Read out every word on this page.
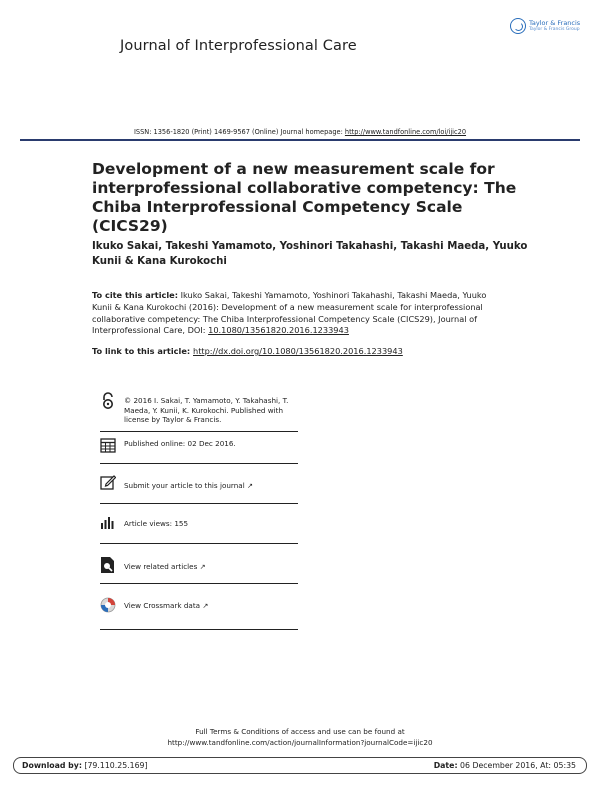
Journal of Interprofessional Care
Taylor & Francis
Taylor & Francis Group
ISSN: 1356-1820 (Print) 1469-9567 (Online) Journal homepage: http://www.tandfonline.com/loi/ijic20
Development of a new measurement scale for interprofessional collaborative competency: The Chiba Interprofessional Competency Scale (CICS29)
Ikuko Sakai, Takeshi Yamamoto, Yoshinori Takahashi, Takashi Maeda, Yuuko Kunii & Kana Kurokochi
To cite this article: Ikuko Sakai, Takeshi Yamamoto, Yoshinori Takahashi, Takashi Maeda, Yuuko Kunii & Kana Kurokochi (2016): Development of a new measurement scale for interprofessional collaborative competency: The Chiba Interprofessional Competency Scale (CICS29), Journal of Interprofessional Care, DOI: 10.1080/13561820.2016.1233943
To link to this article: http://dx.doi.org/10.1080/13561820.2016.1233943
© 2016 I. Sakai, T. Yamamoto, Y. Takahashi, T. Maeda, Y. Kunii, K. Kurokochi. Published with license by Taylor & Francis.
Published online: 02 Dec 2016.
Submit your article to this journal ↗
Article views: 155
View related articles ↗
View Crossmark data ↗
Full Terms & Conditions of access and use can be found at
http://www.tandfonline.com/action/journalInformation?journalCode=ijic20
Download by: [79.110.25.169]	Date: 06 December 2016, At: 05:35
